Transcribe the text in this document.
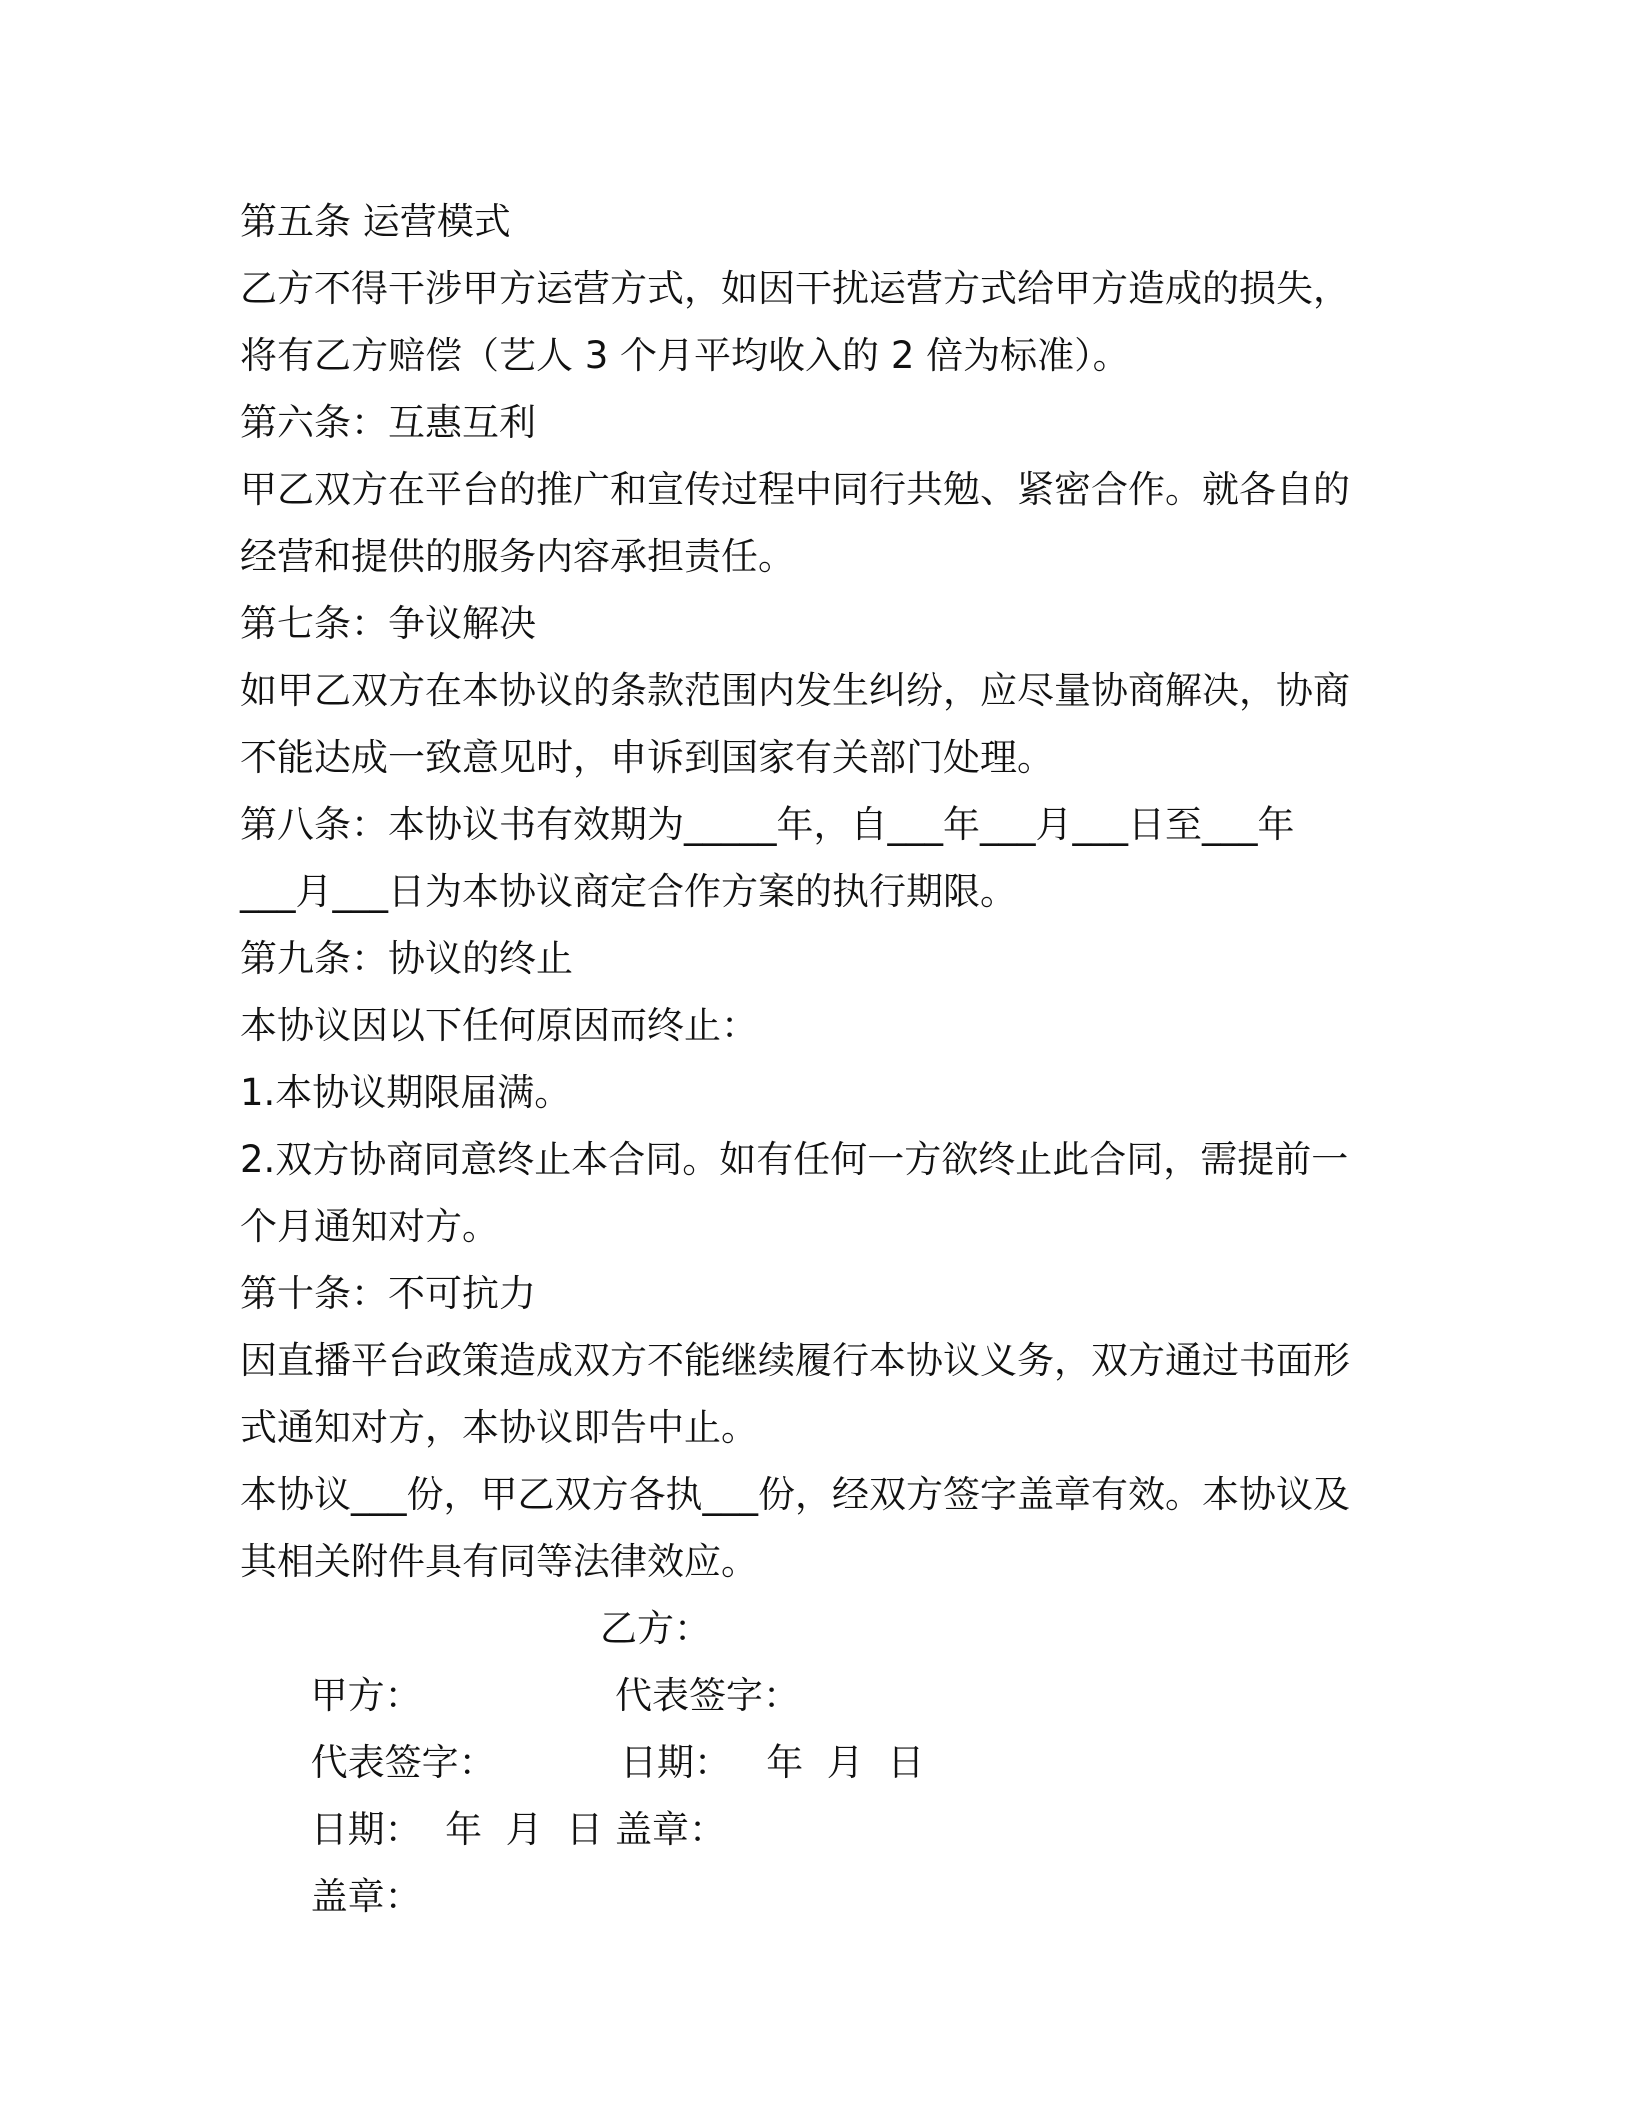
第五条 运营模式
乙方不得干涉甲方运营方式，如因干扰运营方式给甲方造成的损失，
将有乙方赔偿（艺人 3 个月平均收入的 2 倍为标准）。
第六条：互惠互利
甲乙双方在平台的推广和宣传过程中同行共勉、紧密合作。就各自的
经营和提供的服务内容承担责任。
第七条：争议解决
如甲乙双方在本协议的条款范围内发生纠纷，应尽量协商解决，协商
不能达成一致意见时，申诉到国家有关部门处理。
第八条：本协议书有效期为_____年，自___年___月___日至___年
___月___日为本协议商定合作方案的执行期限。
第九条：协议的终止
本协议因以下任何原因而终止：
1.本协议期限届满。
2.双方协商同意终止本合同。如有任何一方欲终止此合同，需提前一
个月通知对方。
第十条：不可抗力
因直播平台政策造成双方不能继续履行本协议义务，双方通过书面形
式通知对方，本协议即告中止。
本协议___份，甲乙双方各执___份，经双方签字盖章有效。本协议及
其相关附件具有同等法律效应。

甲方：

乙方：

代表签字：

代表签字：

日期：  年  月  日

日期：   年  月  日

盖章：

盖章：
